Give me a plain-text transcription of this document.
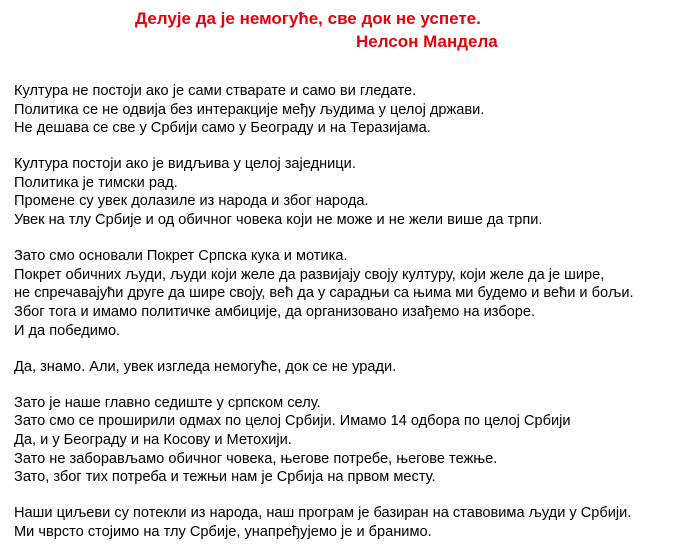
Делује да је немогуће, све док не успете.
Нелсон Мандела
Култура не постоји ако је сами стварате и само ви гледате.
Политика се не одвија без интеракције међу људима у целој држави.
Не дешава се све у Србији само у Београду и на Теразијама.
Култура постоји ако је видљива у целој заједници.
Политика је тимски рад.
Промене су увек долазиле из народа и због народа.
Увек на тлу Србије и од обичног човека који не може и не жели више да трпи.
Зато смо основали Покрет Српска кука и мотика.
Покрет обичних људи, људи који желе да развијају своју културу, који желе да је шире,
не спречавајући друге да шире своју, већ да у сарадњи са њима ми будемо и већи и бољи.
Због тога и имамо политичке амбиције, да организовано изађемо на изборе.
И да победимо.
Да, знамо. Али, увек изгледа немогуће, док се не уради.
Зато је наше главно седиште у српском селу.
Зато смо се проширили одмах по целој Србији. Имамо 14 одбора по целој Србији
Да, и у Београду и на Косову и Метохији.
Зато не заборављамо обичног човека, његове потребе, његове тежње.
Зато, због тих потреба и тежњи нам је Србија на првом месту.
Наши циљеви су потекли из народа, наш програм је базиран на ставовима људи у Србији.
Ми чврсто стојимо на тлу Србије, унапређујемо је и бранимо.
